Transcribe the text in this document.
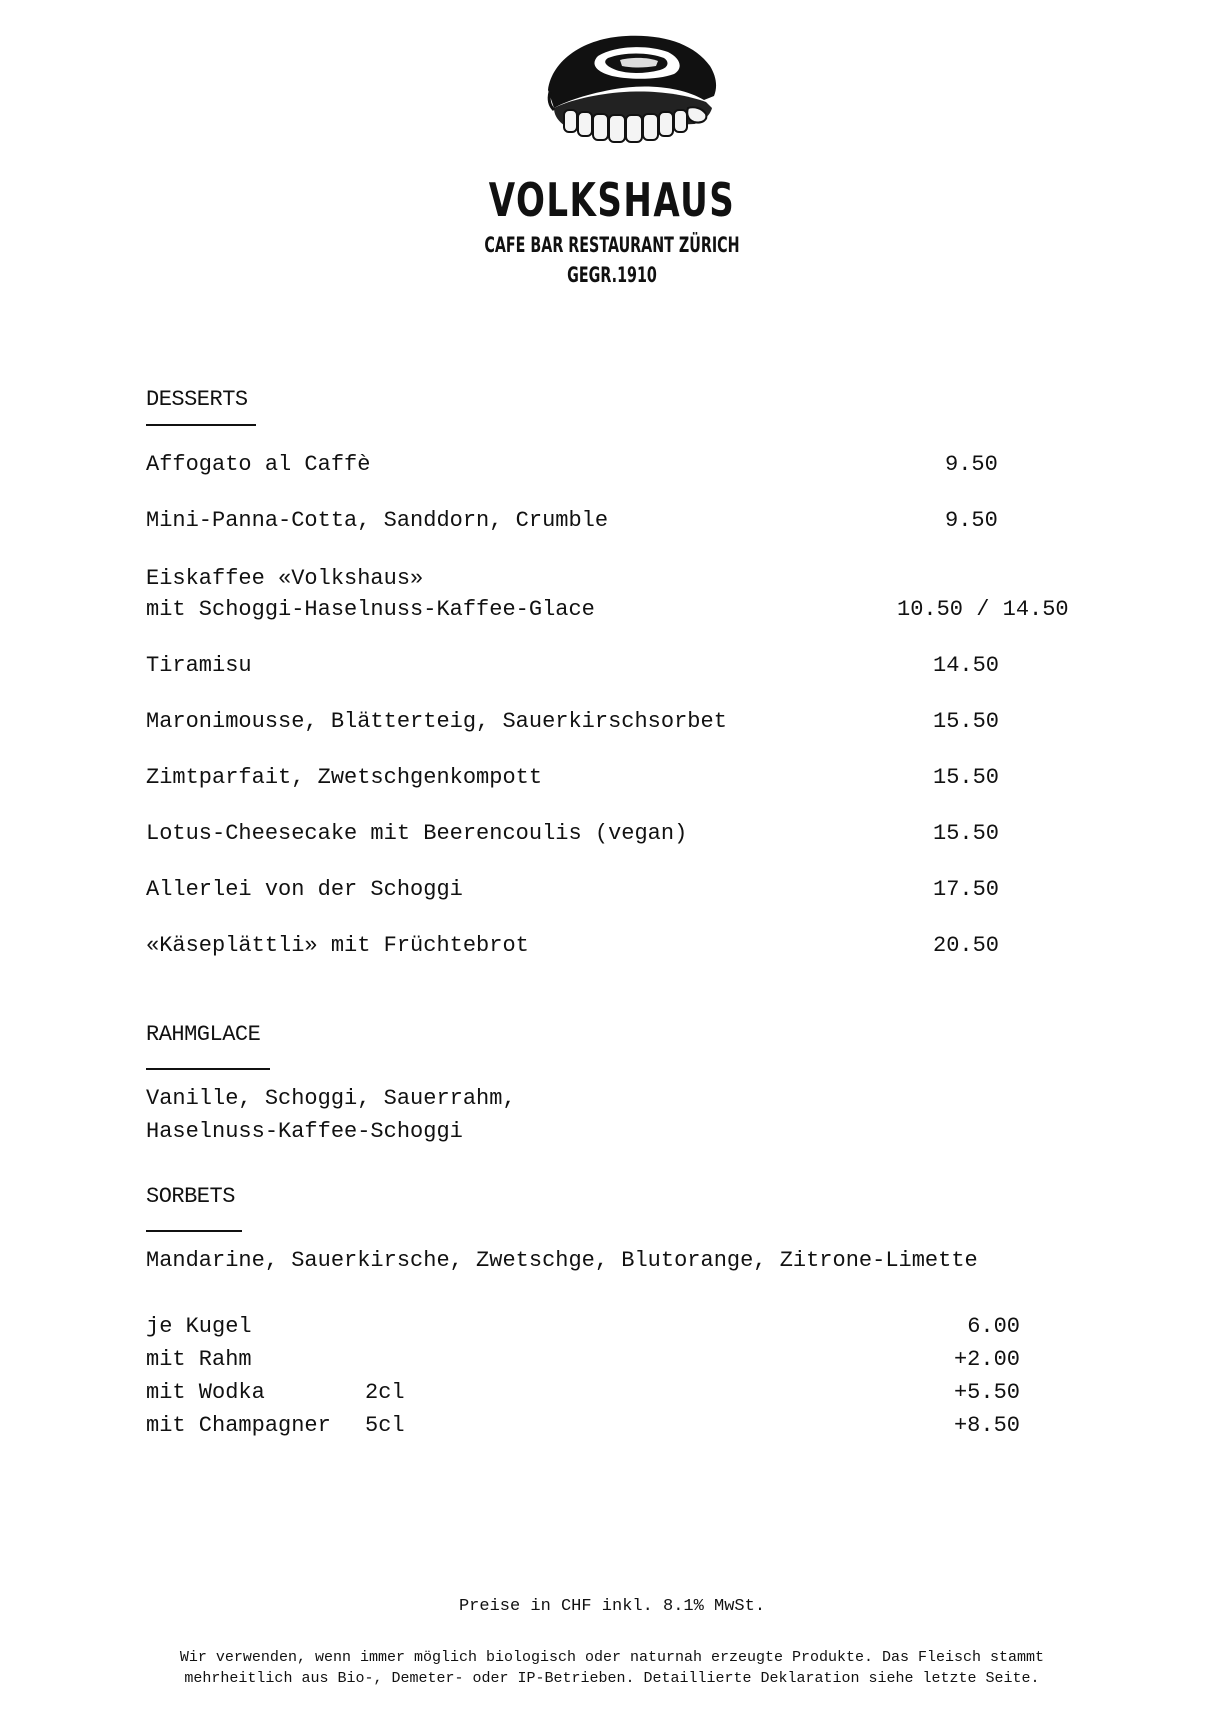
VOLKSHAUS
CAFE BAR RESTAURANT ZÜRICH
GEGR.1910
DESSERTS
Affogato al Caffè	9.50
Mini-Panna-Cotta, Sanddorn, Crumble	9.50
Eiskaffee «Volkshaus»
mit Schoggi-Haselnuss-Kaffee-Glace	10.50 / 14.50
Tiramisu	14.50
Maronimousse, Blätterteig, Sauerkirschsorbet	15.50
Zimtparfait, Zwetschgenkompott	15.50
Lotus-Cheesecake mit Beerencoulis (vegan)	15.50
Allerlei von der Schoggi	17.50
«Käseplättli» mit Früchtebrot	20.50
RAHMGLACE
Vanille, Schoggi, Sauerrahm,
Haselnuss-Kaffee-Schoggi
SORBETS
Mandarine, Sauerkirsche, Zwetschge, Blutorange, Zitrone-Limette
je Kugel	6.00
mit Rahm	+2.00
mit Wodka	2cl	+5.50
mit Champagner 5cl	+8.50
Preise in CHF inkl. 8.1% MwSt.
Wir verwenden, wenn immer möglich biologisch oder naturnah erzeugte Produkte. Das Fleisch stammt
mehrheitlich aus Bio-, Demeter- oder IP-Betrieben. Detaillierte Deklaration siehe letzte Seite.
